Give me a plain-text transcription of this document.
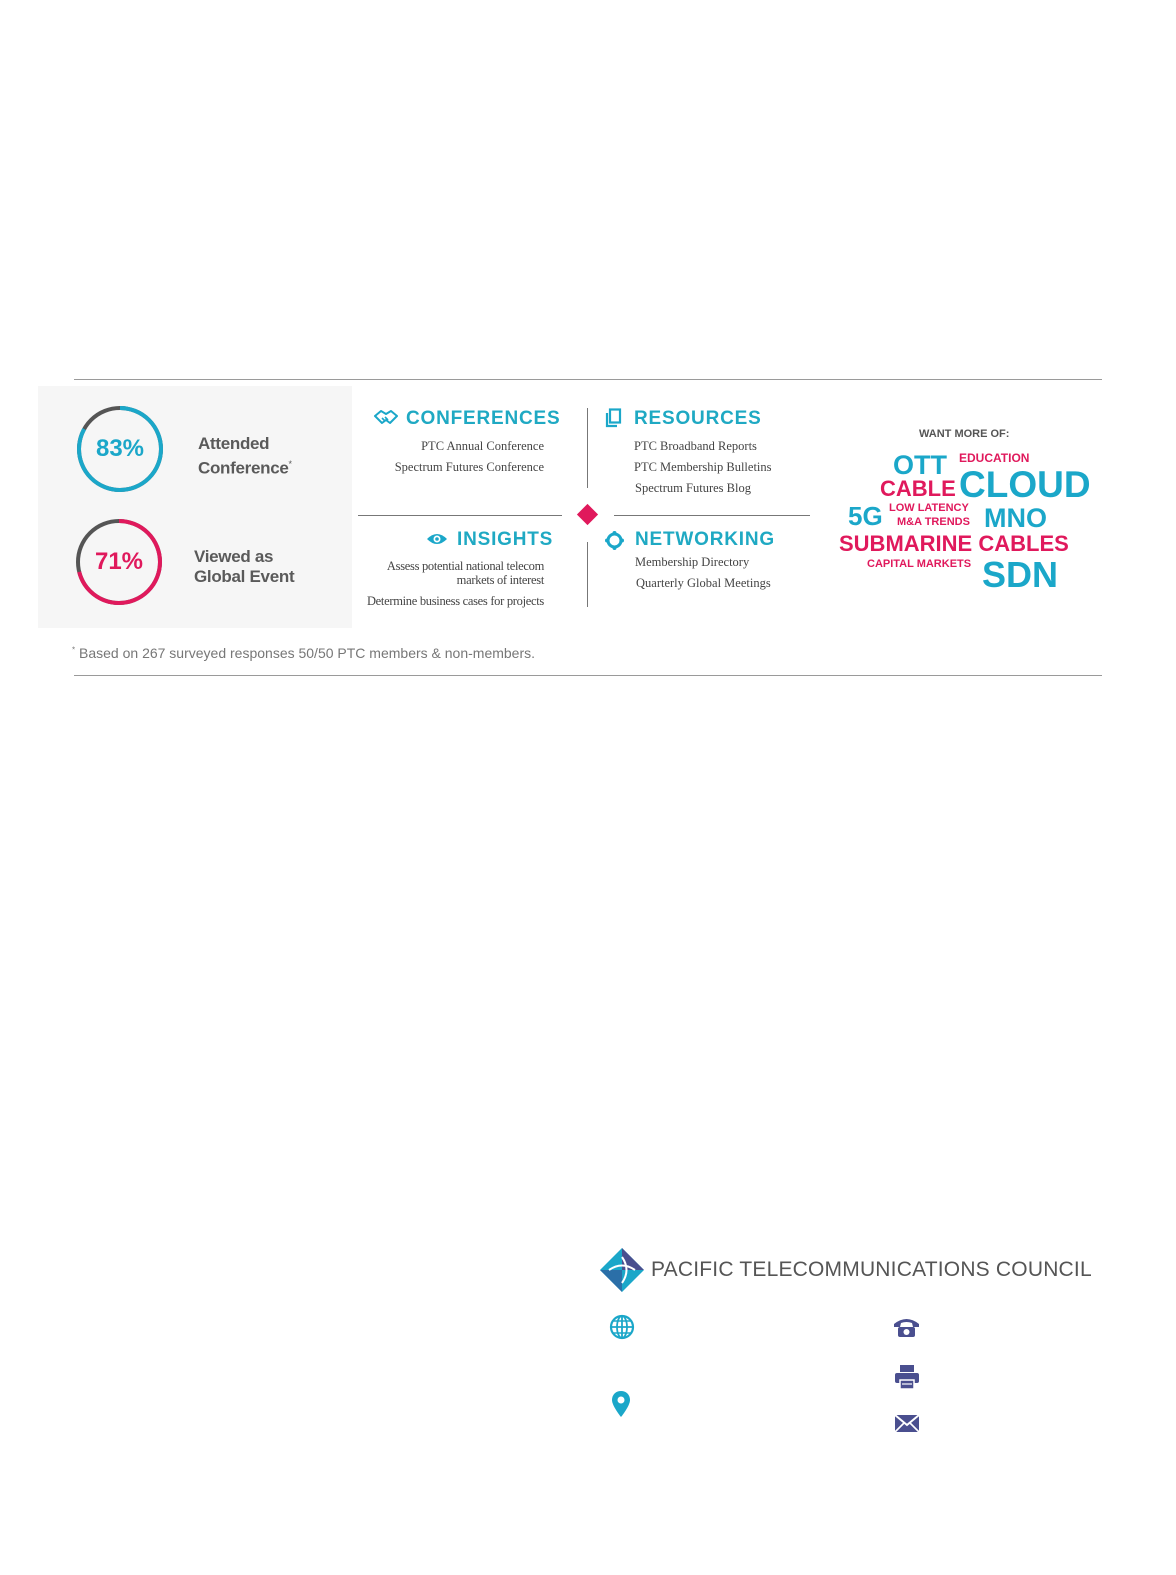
83%	Attended
Conference*
71%	Viewed as
Global Event
CONFERENCES
PTC Annual Conference
Spectrum Futures Conference
RESOURCES
PTC Broadband Reports
PTC Membership Bulletins
Spectrum Futures Blog
INSIGHTS
Assess potential national telecom
markets of interest
Determine business cases for projects
NETWORKING
Membership Directory
Quarterly Global Meetings
WANT MORE OF:
OTT EDUCATION
CABLE CLOUD
5G LOW LATENCY
M&A TRENDS MNO
SUBMARINE CABLES
CAPITAL MARKETS SDN
* Based on 267 surveyed responses 50/50 PTC members & non-members.
PACIFIC TELECOMMUNICATIONS COUNCIL
